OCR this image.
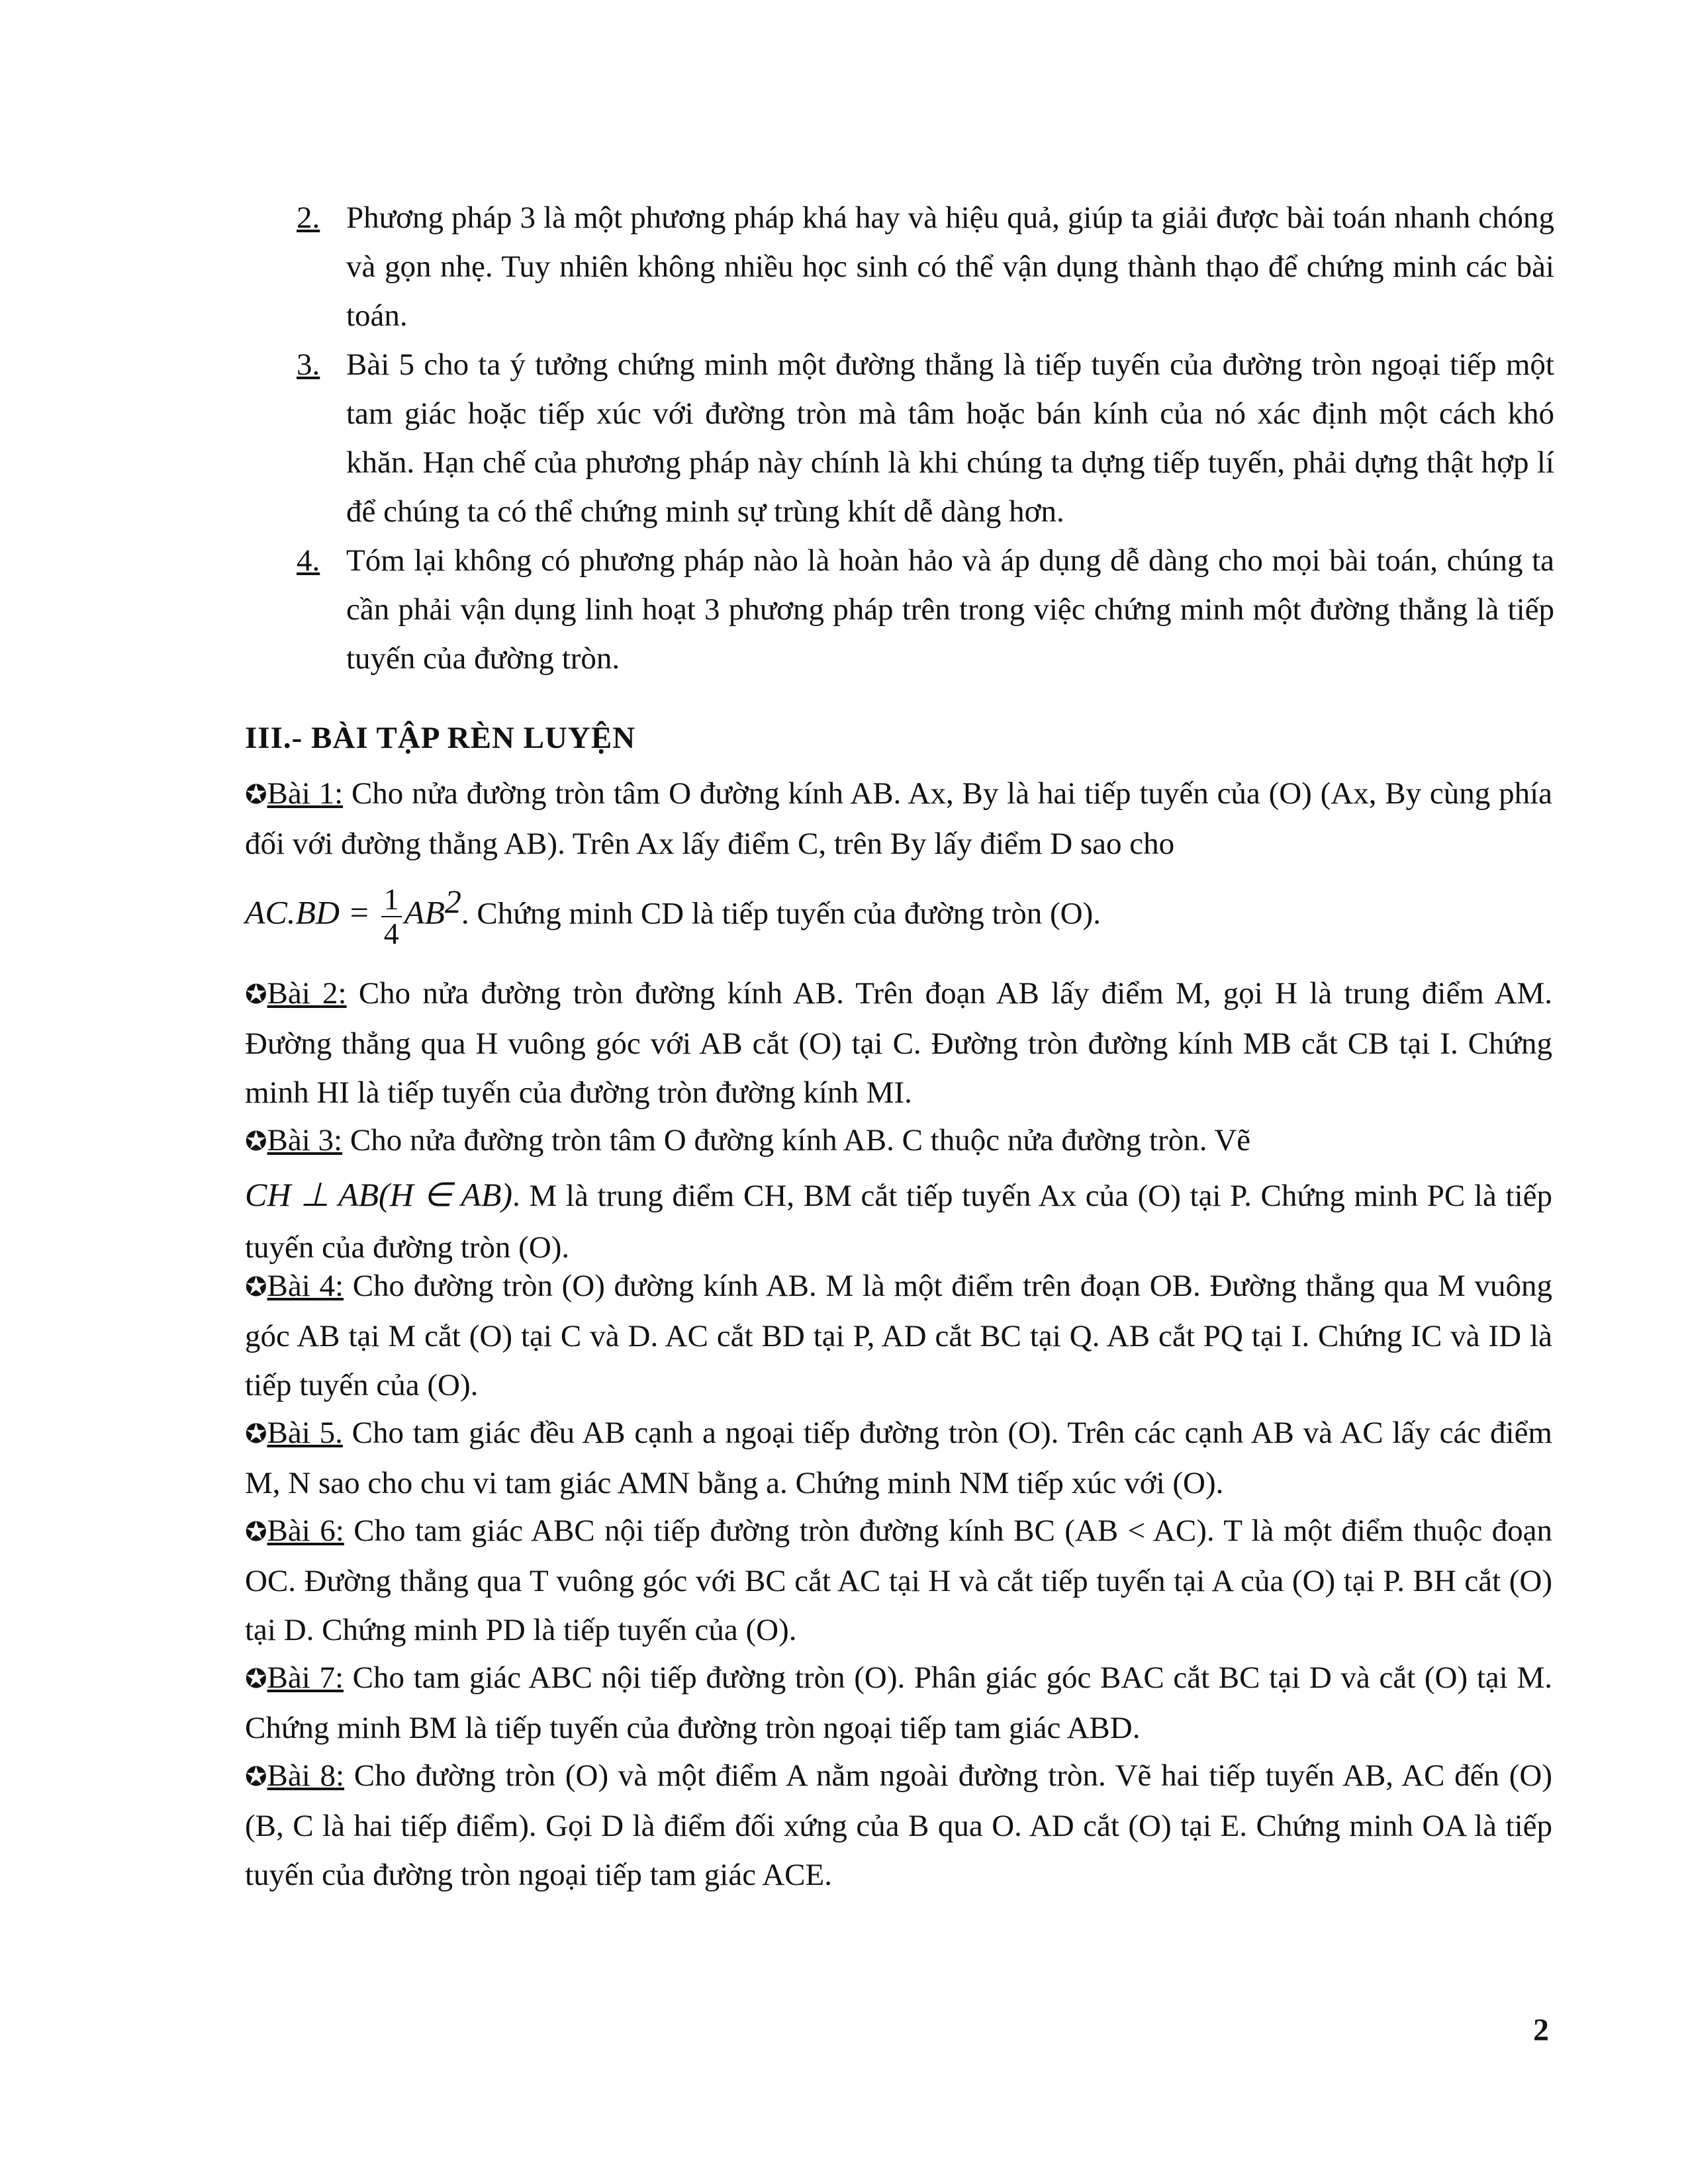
2. Phương pháp 3 là một phương pháp khá hay và hiệu quả, giúp ta giải được bài toán nhanh chóng và gọn nhẹ. Tuy nhiên không nhiều học sinh có thể vận dụng thành thạo để chứng minh các bài toán.
3. Bài 5 cho ta ý tưởng chứng minh một đường thẳng là tiếp tuyến của đường tròn ngoại tiếp một tam giác hoặc tiếp xúc với đường tròn mà tâm hoặc bán kính của nó xác định một cách khó khăn. Hạn chế của phương pháp này chính là khi chúng ta dựng tiếp tuyến, phải dựng thật hợp lí để chúng ta có thể chứng minh sự trùng khít dễ dàng hơn.
4. Tóm lại không có phương pháp nào là hoàn hảo và áp dụng dễ dàng cho mọi bài toán, chúng ta cần phải vận dụng linh hoạt 3 phương pháp trên trong việc chứng minh một đường thẳng là tiếp tuyến của đường tròn.
III.- BÀI TẬP RÈN LUYỆN
✪Bài 1: Cho nửa đường tròn tâm O đường kính AB. Ax, By là hai tiếp tuyến của (O) (Ax, By cùng phía đối với đường thẳng AB). Trên Ax lấy điểm C, trên By lấy điểm D sao cho
$AC.BD = \frac{1}{4} AB^2$. Chứng minh CD là tiếp tuyến của đường tròn (O).
✪Bài 2: Cho nửa đường tròn đường kính AB. Trên đoạn AB lấy điểm M, gọi H là trung điểm AM. Đường thẳng qua H vuông góc với AB cắt (O) tại C. Đường tròn đường kính MB cắt CB tại I. Chứng minh HI là tiếp tuyến của đường tròn đường kính MI.
✪Bài 3: Cho nửa đường tròn tâm O đường kính AB. C thuộc nửa đường tròn. Vẽ
CH ⊥ AB(H ∈ AB). M là trung điểm CH, BM cắt tiếp tuyến Ax của (O) tại P. Chứng minh PC là tiếp tuyến của đường tròn (O).
✪Bài 4: Cho đường tròn (O) đường kính AB. M là một điểm trên đoạn OB. Đường thẳng qua M vuông góc AB tại M cắt (O) tại C và D. AC cắt BD tại P, AD cắt BC tại Q. AB cắt PQ tại I. Chứng IC và ID là tiếp tuyến của (O).
✪Bài 5. Cho tam giác đều AB cạnh a ngoại tiếp đường tròn (O). Trên các cạnh AB và AC lấy các điểm M, N sao cho chu vi tam giác AMN bằng a. Chứng minh NM tiếp xúc với (O).
✪Bài 6: Cho tam giác ABC nội tiếp đường tròn đường kính BC (AB < AC). T là một điểm thuộc đoạn OC. Đường thẳng qua T vuông góc với BC cắt AC tại H và cắt tiếp tuyến tại A của (O) tại P. BH cắt (O) tại D. Chứng minh PD là tiếp tuyến của (O).
✪Bài 7: Cho tam giác ABC nội tiếp đường tròn (O). Phân giác góc BAC cắt BC tại D và cắt (O) tại M. Chứng minh BM là tiếp tuyến của đường tròn ngoại tiếp tam giác ABD.
✪Bài 8: Cho đường tròn (O) và một điểm A nằm ngoài đường tròn. Vẽ hai tiếp tuyến AB, AC đến (O) (B, C là hai tiếp điểm). Gọi D là điểm đối xứng của B qua O. AD cắt (O) tại E. Chứng minh OA là tiếp tuyến của đường tròn ngoại tiếp tam giác ACE.
2
